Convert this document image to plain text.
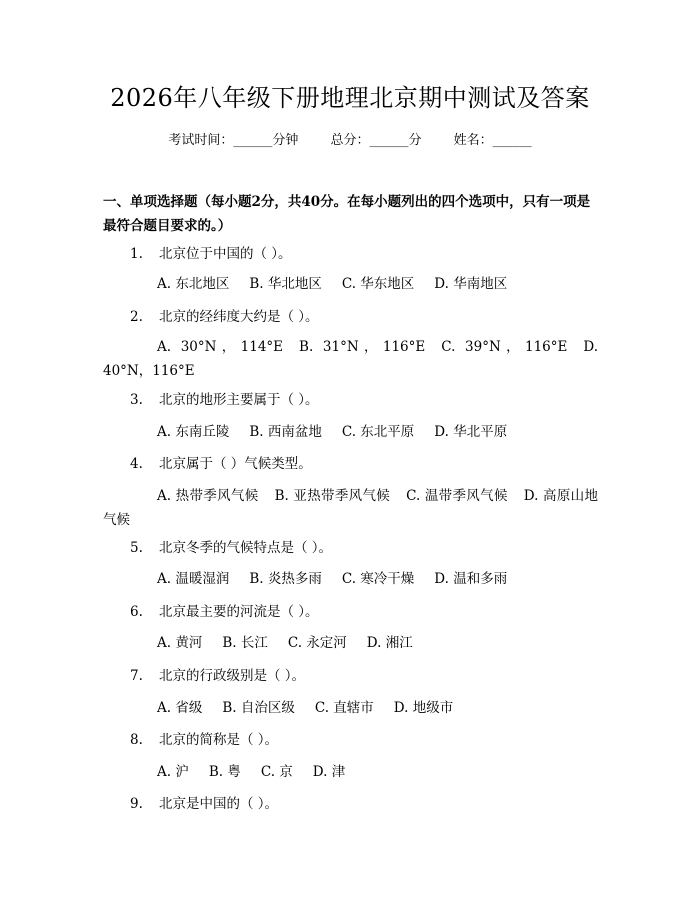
2026年八年级下册地理北京期中测试及答案
考试时间：______分钟 总分：______分 姓名：______
一、单项选择题（每小题2分，共40分。在每小题列出的四个选项中，只有一项是最符合题目要求的。）
1. 北京位于中国的（ ）。
A. 东北地区 B. 华北地区 C. 华东地区 D. 华南地区
2. 北京的经纬度大约是（ ）。
A. 30°N，114°E B. 31°N，116°E C. 39°N，116°E D. 40°N，116°E
3. 北京的地形主要属于（ ）。
A. 东南丘陵 B. 西南盆地 C. 东北平原 D. 华北平原
4. 北京属于（ ）气候类型。
A. 热带季风气候 B. 亚热带季风气候 C. 温带季风气候 D. 高原山地气候
5. 北京冬季的气候特点是（ ）。
A. 温暖湿润 B. 炎热多雨 C. 寒冷干燥 D. 温和多雨
6. 北京最主要的河流是（ ）。
A. 黄河 B. 长江 C. 永定河 D. 湘江
7. 北京的行政级别是（ ）。
A. 省级 B. 自治区级 C. 直辖市 D. 地级市
8. 北京的简称是（ ）。
A. 沪 B. 粤 C. 京 D. 津
9. 北京是中国的（ ）。
